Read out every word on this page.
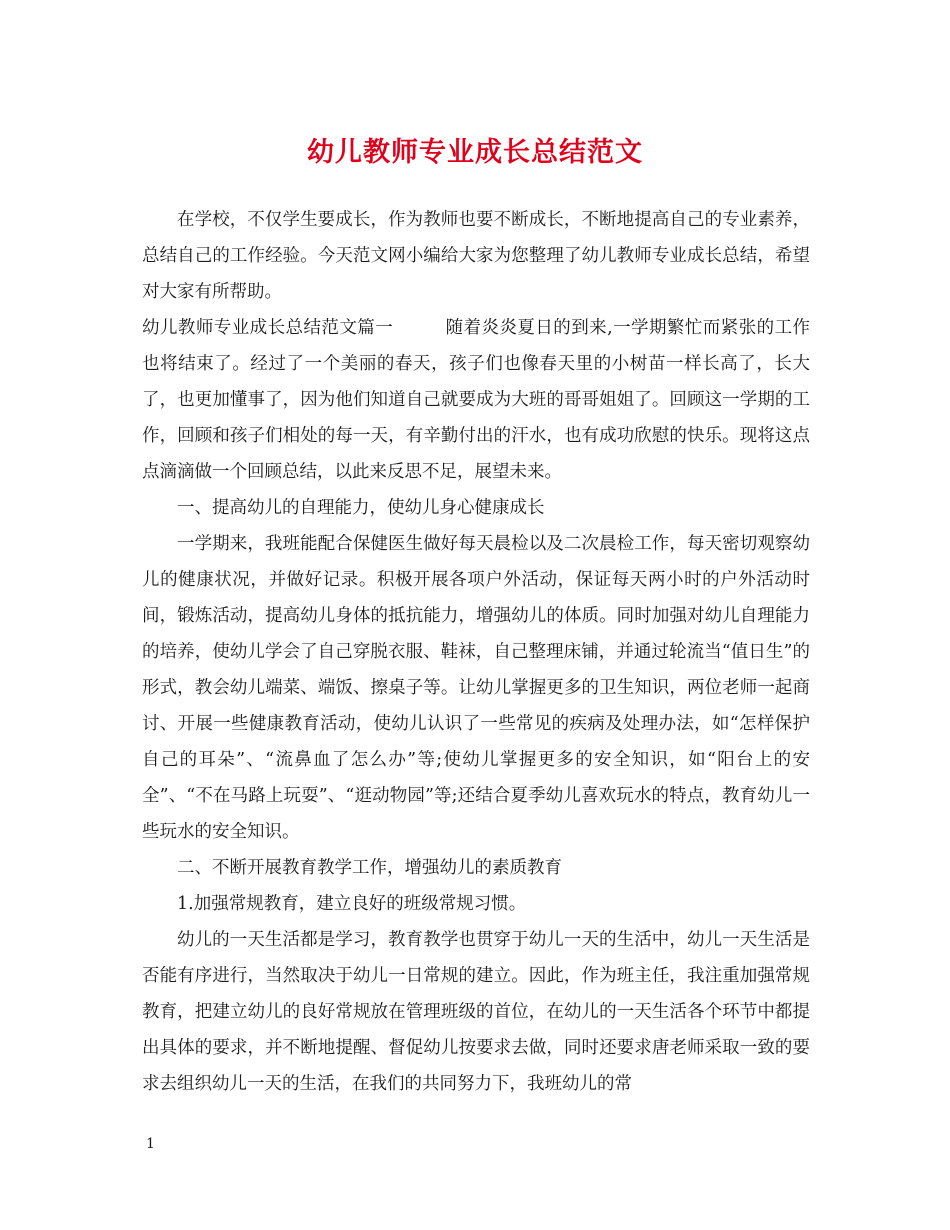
幼儿教师专业成长总结范文

在学校，不仅学生要成长，作为教师也要不断成长，不断地提高自己的专业素养，总结自己的工作经验。今天范文网小编给大家为您整理了幼儿教师专业成长总结，希望对大家有所帮助。

幼儿教师专业成长总结范文篇一	随着炎炎夏日的到来,一学期繁忙而紧张的工作也将结束了。经过了一个美丽的春天，孩子们也像春天里的小树苗一样长高了，长大了，也更加懂事了，因为他们知道自己就要成为大班的哥哥姐姐了。回顾这一学期的工作，回顾和孩子们相处的每一天，有辛勤付出的汗水，也有成功欣慰的快乐。现将这点点滴滴做一个回顾总结，以此来反思不足，展望未来。

一、提高幼儿的自理能力，使幼儿身心健康成长

一学期来，我班能配合保健医生做好每天晨检以及二次晨检工作，每天密切观察幼儿的健康状况，并做好记录。积极开展各项户外活动，保证每天两小时的户外活动时间，锻炼活动，提高幼儿身体的抵抗能力，增强幼儿的体质。同时加强对幼儿自理能力的培养，使幼儿学会了自己穿脱衣服、鞋袜，自己整理床铺，并通过轮流当“值日生”的形式，教会幼儿端菜、端饭、擦桌子等。让幼儿掌握更多的卫生知识，两位老师一起商讨、开展一些健康教育活动，使幼儿认识了一些常见的疾病及处理办法，如“怎样保护自己的耳朵”、“流鼻血了怎么办”等;使幼儿掌握更多的安全知识，如“阳台上的安全”、“不在马路上玩耍”、“逛动物园”等;还结合夏季幼儿喜欢玩水的特点，教育幼儿一些玩水的安全知识。

二、不断开展教育教学工作，增强幼儿的素质教育

1.加强常规教育，建立良好的班级常规习惯。

幼儿的一天生活都是学习，教育教学也贯穿于幼儿一天的生活中，幼儿一天生活是否能有序进行，当然取决于幼儿一日常规的建立。因此，作为班主任，我注重加强常规教育，把建立幼儿的良好常规放在管理班级的首位，在幼儿的一天生活各个环节中都提出具体的要求，并不断地提醒、督促幼儿按要求去做，同时还要求唐老师采取一致的要求去组织幼儿一天的生活，在我们的共同努力下，我班幼儿的常

1
